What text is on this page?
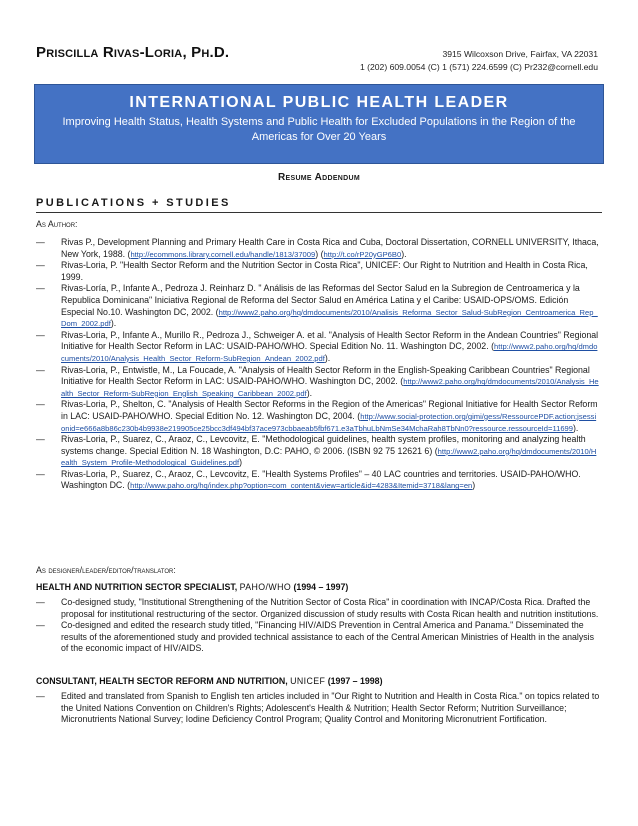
Priscilla Rivas-Loria, Ph.D.	3915 Wilcoxson Drive, Fairfax, VA 22031
1 (202) 609.0054 (C) 1 (571) 224.6599 (C) Pr232@cornell.edu
INTERNATIONAL PUBLIC HEALTH LEADER
Improving Health Status, Health Systems and Public Health for Excluded Populations in the Region of the Americas for Over 20 Years
Resume Addendum
PUBLICATIONS + STUDIES
As Author:
— Rivas P., Development Planning and Primary Health Care in Costa Rica and Cuba, Doctoral Dissertation, CORNELL UNIVERSITY, Ithaca, New York, 1988. (http://ecommons.library.cornell.edu/handle/1813/37009) (http://t.co/rP20yGP6B0).
— Rivas-Loria, P. "Health Sector Reform and the Nutrition Sector in Costa Rica", UNICEF: Our Right to Nutrition and Health in Costa Rica, 1999.
— Rivas-Loría, P., Infante A., Pedroza J. Reinharz D. " Análisis de las Reformas del Sector Salud en la Subregion de Centroamerica y la Republica Dominicana" Iniciativa Regional de Reforma del Sector Salud en América Latina y el Caribe: USAID-OPS/OMS. Edición Especial No.10. Washington DC, 2002. (http://www2.paho.org/hq/dmdocuments/2010/Analisis_Reforma_Sector_Salud-SubRegion_Centroamerica_Rep_Dom_2002.pdf).
— Rivas-Loria, P., Infante A., Murillo R., Pedroza J., Schweiger A. et al. "Analysis of Health Sector Reform in the Andean Countries" Regional Initiative for Health Sector Reform in LAC: USAID-PAHO/WHO. Special Edition No. 11. Washington DC, 2002. (http://www2.paho.org/hq/dmdocuments/2010/Analysis_Health_Sector_Reform-SubRegion_Andean_2002.pdf).
— Rivas-Loria, P., Entwistle, M., La Foucade, A. "Analysis of Health Sector Reform in the English-Speaking Caribbean Countries" Regional Initiative for Health Sector Reform in LAC: USAID-PAHO/WHO. Washington DC, 2002. (http://www2.paho.org/hq/dmdocuments/2010/Analysis_Health_Sector_Reform-SubRegion_English_Speaking_Caribbean_2002.pdf).
— Rivas-Loria, P., Shelton, C. "Analysis of Health Sector Reforms in the Region of the Americas" Regional Initiative for Health Sector Reform in LAC: USAID-PAHO/WHO. Special Edition No. 12. Washington DC, 2004. (http://www.social-protection.org/gimi/gess/RessourcePDF.action;jsessionid=e666a8b86c230b4b9938e219905ce25bcc3df494bf37ace973cbbaeab5fbf671.e3aTbhuLbNmSe34MchaRah8TbNn0?ressource.ressourceId=11699).
— Rivas-Loria, P., Suarez, C., Araoz, C., Levcovitz, E. "Methodological guidelines, health system profiles, monitoring and analyzing health systems change. Special Edition N. 18 Washington, D.C: PAHO, © 2006. (ISBN 92 75 12621 6) (http://www2.paho.org/hq/dmdocuments/2010/Health_System_Profile-Methodological_Guidelines.pdf)
— Rivas-Loria, P., Suarez, C., Araoz, C., Levcovitz, E. "Health Systems Profiles" – 40 LAC countries and territories. USAID-PAHO/WHO. Washington DC. (http://www.paho.org/hq/index.php?option=com_content&view=article&id=4283&Itemid=3718&lang=en)
As designer/leader/editor/translator:
HEALTH AND NUTRITION SECTOR SPECIALIST, PAHO/WHO (1994 – 1997)
— Co-designed study, "Institutional Strengthening of the Nutrition Sector of Costa Rica" in coordination with INCAP/Costa Rica. Drafted the proposal for institutional restructuring of the sector. Organized discussion of study results with Costa Rican health and nutrition institutions.
— Co-designed and edited the research study titled, "Financing HIV/AIDS Prevention in Central America and Panama." Disseminated the results of the aforementioned study and provided technical assistance to each of the Central American Ministries of Health in the analysis of the economic impact of HIV/AIDS.
CONSULTANT, HEALTH SECTOR REFORM AND NUTRITION, UNICEF (1997 – 1998)
— Edited and translated from Spanish to English ten articles included in "Our Right to Nutrition and Health in Costa Rica." on topics related to the United Nations Convention on Children's Rights; Adolescent's Health & Nutrition; Health Sector Reform; Nutrition Surveillance; Micronutrients National Survey; Iodine Deficiency Control Program; Quality Control and Monitoring Micronutrient Fortification.
